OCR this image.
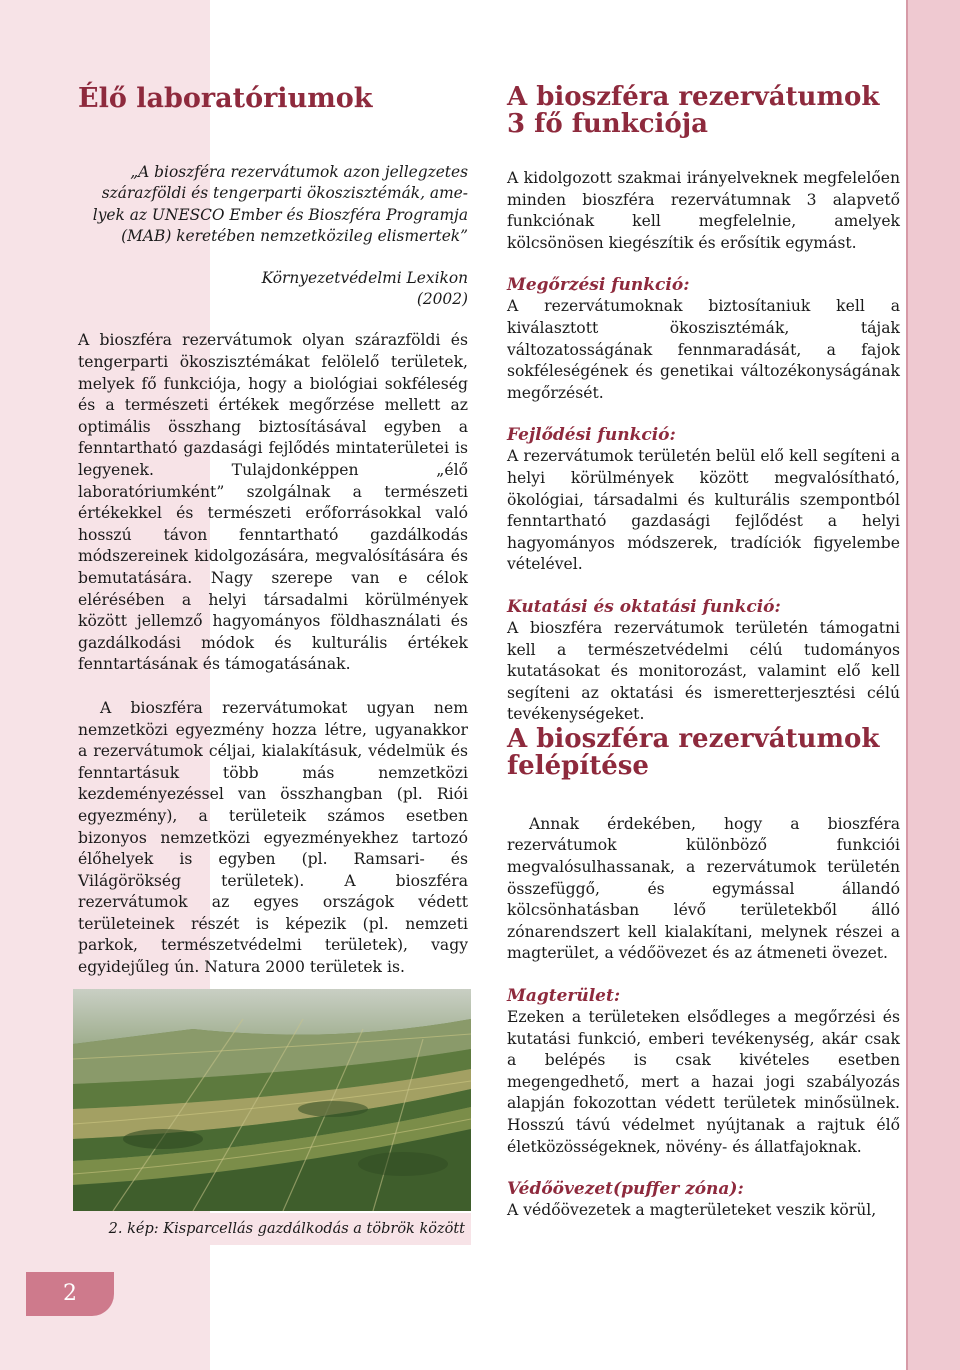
Élő laboratóriumok
„A bioszféra rezervátumok azon jellegzetes
szárazföldi és tengerparti ökoszisztémák, ame-
lyek az UNESCO Ember és Bioszféra Programja
(MAB) keretében nemzetközileg elismertek”
Környezetvédelmi Lexikon
(2002)

A bioszféra rezervátumok olyan szárazföldi és tengerparti ökoszisztémákat felölelő területek, melyek fő funkciója, hogy a biológiai sokféleség és a természeti értékek megőrzése mellett az optimális összhang biztosításával egyben a fenntartható gazdasági fejlődés mintaterületei is legyenek. Tulajdonképpen „élő laboratóriumként” szolgálnak a természeti értékekkel és természeti erőforrásokkal való hosszú távon fenntartható gazdálkodás módszereinek kidolgozására, megvalósítására és bemutatására. Nagy szerepe van e célok elérésében a helyi társadalmi körülmények között jellemző hagyományos földhasználati és gazdálkodási módok és kulturális értékek fenntartásának és támogatásának.

A bioszféra rezervátumokat ugyan nem nemzetközi egyezmény hozza létre, ugyanakkor a rezervátumok céljai, kialakításuk, védelmük és fenntartásuk több más nemzetközi kezdeményezéssel van összhangban (pl. Riói egyezmény), a területeik számos esetben bizonyos nemzetközi egyezményekhez tartozó élőhelyek is egyben (pl. Ramsari- és Világörökség területek). A bioszféra rezervátumok az egyes országok védett területeinek részét is képezik (pl. nemzeti parkok, természetvédelmi területek), vagy egyidejűleg ún. Natura 2000 területek is.

2. kép: Kisparcellás gazdálkodás a töbrök között
A bioszféra rezervátumok
3 fő funkciója

A kidolgozott szakmai irányelveknek megfelelően minden bioszféra rezervátumnak 3 alapvető funkciónak kell megfelelnie, amelyek kölcsönösen kiegészítik és erősítik egymást.

Megőrzési funkció:

A rezervátumoknak biztosítaniuk kell a kiválasztott ökoszisztémák, tájak változatosságának fennmaradását, a fajok sokféleségének és genetikai változékonyságának megőrzését.

Fejlődési funkció:

A rezervátumok területén belül elő kell segíteni a helyi körülmények között megvalósítható, ökológiai, társadalmi és kulturális szempontból fenntartható gazdasági fejlődést a helyi hagyományos módszerek, tradíciók figyelembe vételével.

Kutatási és oktatási funkció:

A bioszféra rezervátumok területén támogatni kell a természetvédelmi célú tudományos kutatásokat és monitorozást, valamint elő kell segíteni az oktatási és ismeretterjesztési célú tevékenységeket.

A bioszféra rezervátumok
felépítése

Annak érdekében, hogy a bioszféra rezervátumok különböző funkciói megvalósulhassanak, a rezervátumok területén összefüggő, és egymással állandó kölcsönhatásban lévő területekből álló zónarendszert kell kialakítani, melynek részei a magterület, a védőövezet és az átmeneti övezet.

Magterület:

Ezeken a területeken elsődleges a megőrzési és kutatási funkció, emberi tevékenység, akár csak a belépés is csak kivételes esetben megengedhető, mert a hazai jogi szabályozás alapján fokozottan védett területek minősülnek. Hosszú távú védelmet nyújtanak a rajtuk élő életközösségeknek, növény- és állatfajoknak.

Védőövezet(puffer zóna):

A védőövezetek a magterületeket veszik körül,

2
